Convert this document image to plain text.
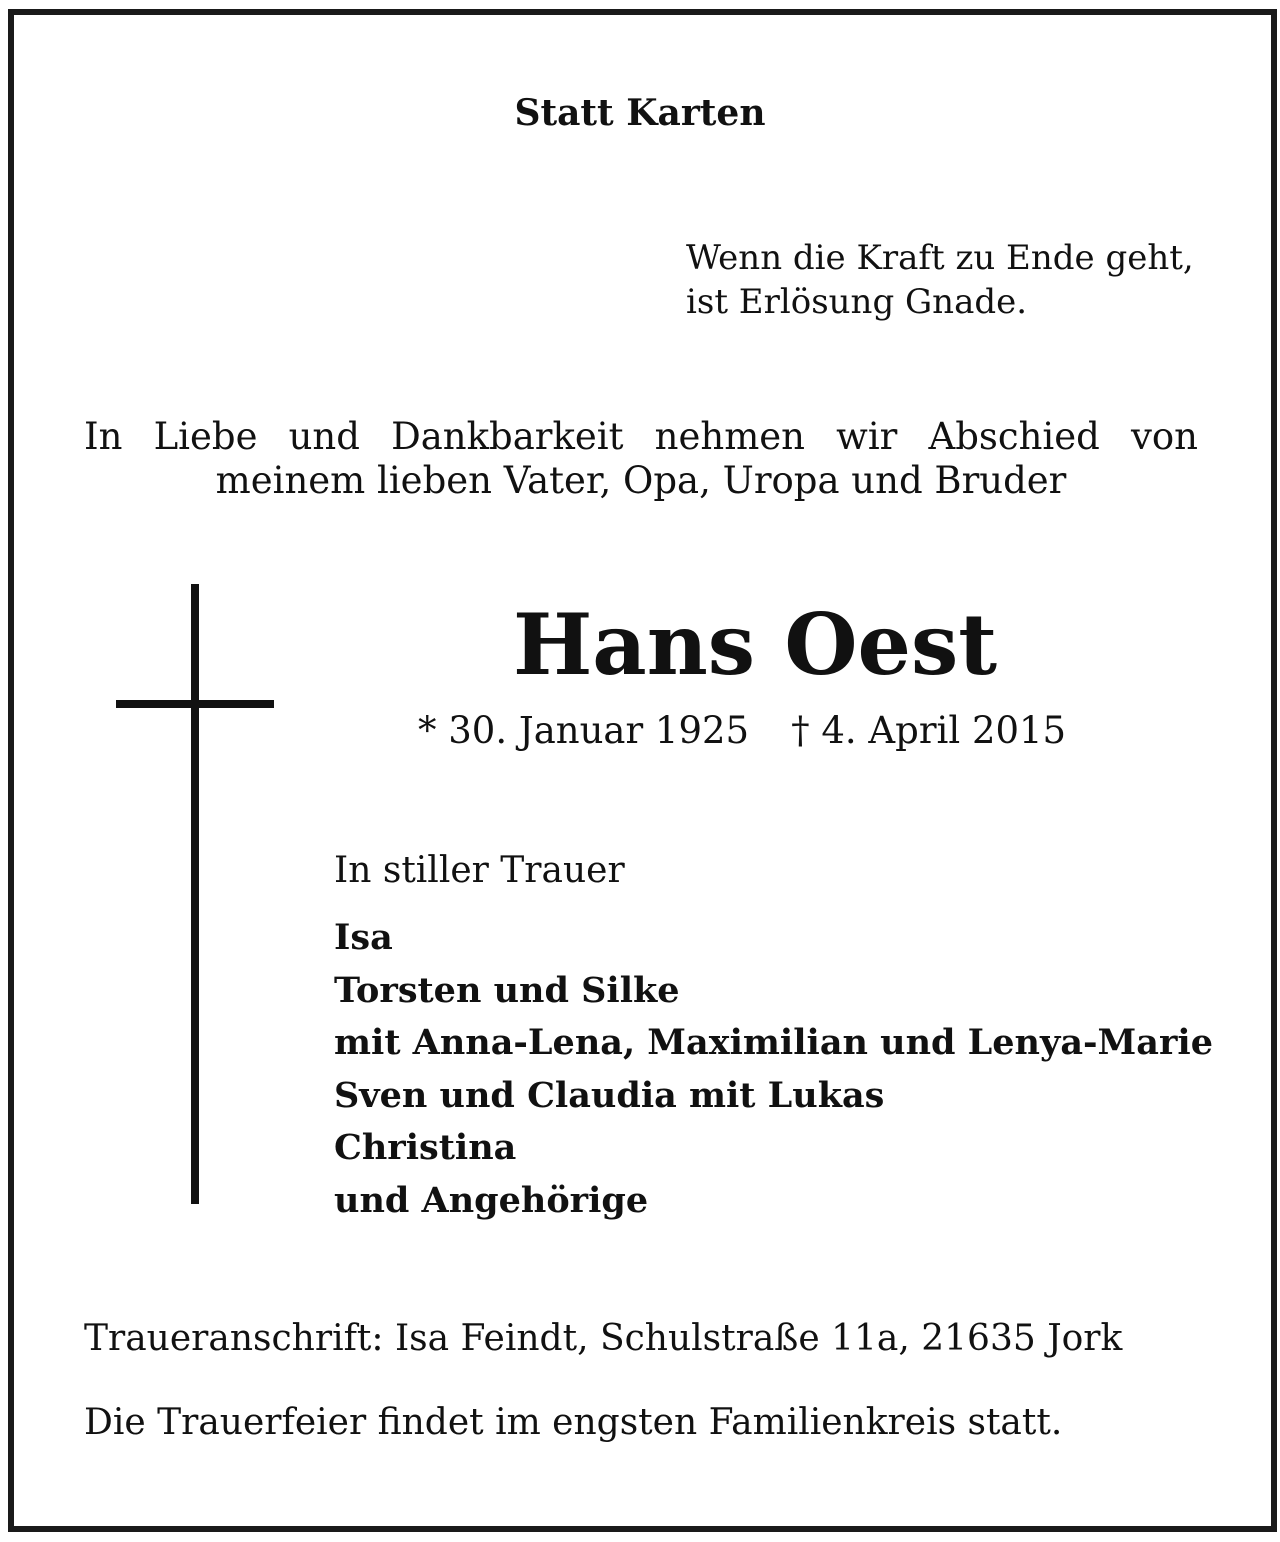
Statt Karten

Wenn die Kraft zu Ende geht,
ist Erlösung Gnade.
In Liebe und Dankbarkeit nehmen wir Abschied von
meinem lieben Vater, Opa, Uropa und Bruder
Hans Oest
* 30. Januar 1925 † 4. April 2015

In stiller Trauer

Isa
Torsten und Silke
mit Anna-Lena, Maximilian und Lenya-Marie
Sven und Claudia mit Lukas
Christina
und Angehörige

Traueranschrift: Isa Feindt, Schulstraße 11a, 21635 Jork

Die Trauerfeier findet im engsten Familienkreis statt.
